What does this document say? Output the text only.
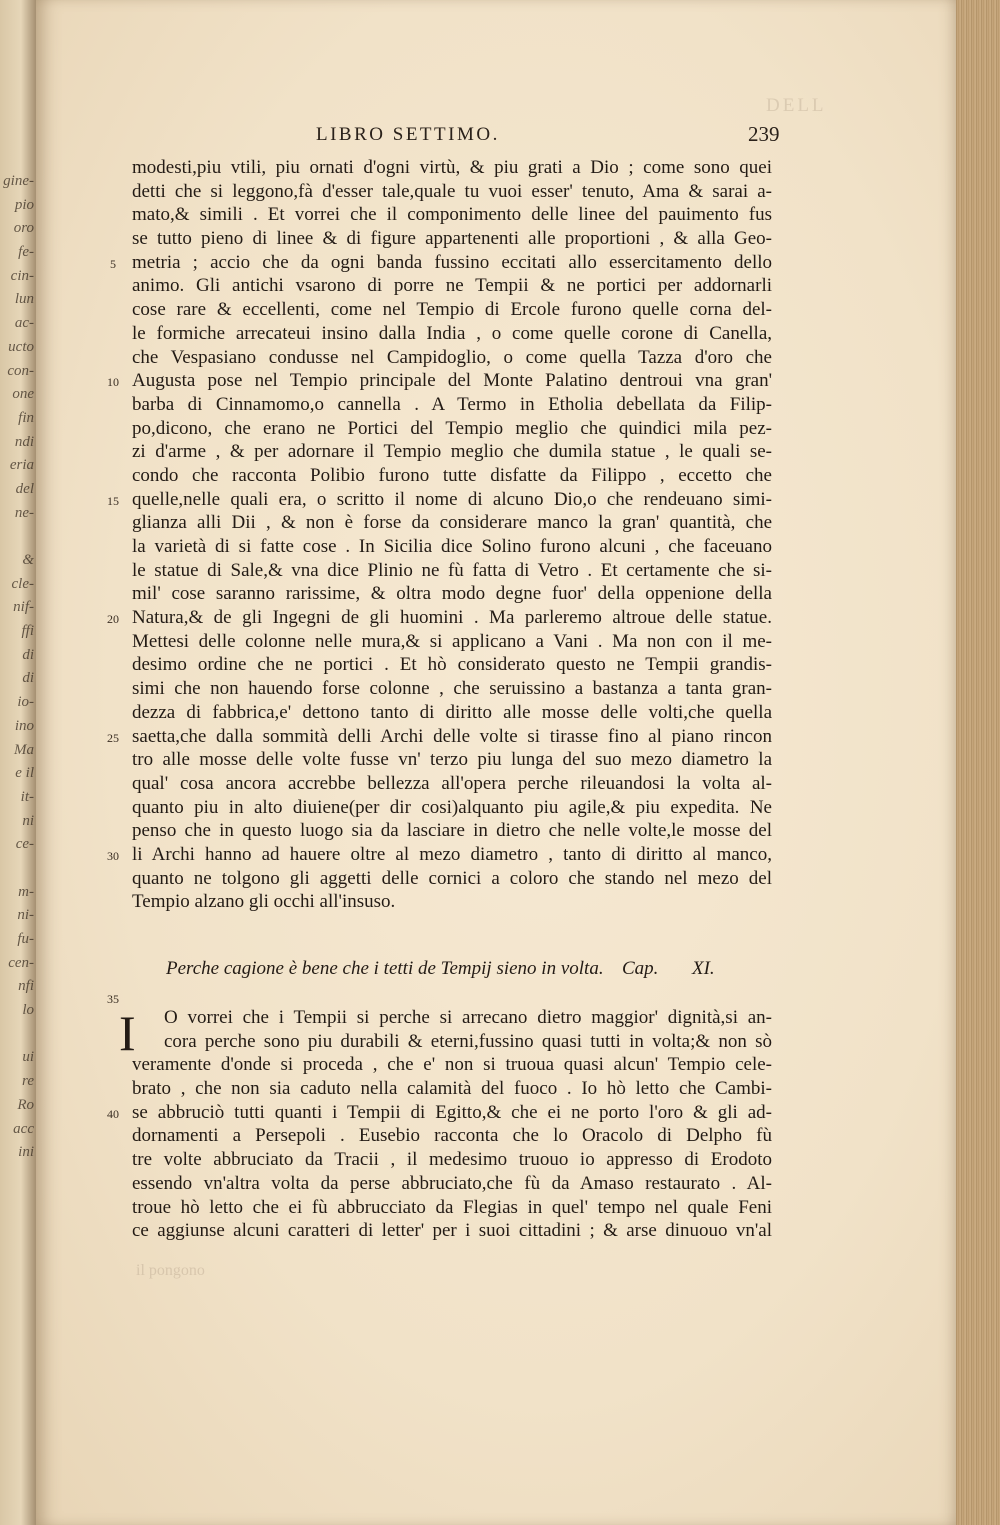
gine-
pio
oro
fe-
cin-
lun
ac-
ucto
con-
one
fin
ndi
eria
del
ne-
&
cle-
nif-
ffi
di
di
io-
ino
Ma
e il
it-
ni
ce-
m-
ni-
fu-
cen-
nfi
lo
ui
re
Ro
acc
ini
DELL
LIBRO SETTIMO.	239
5
10
15
20
25
30
35
40
modesti,piu vtili, piu ornati d'ogni virtù, & piu grati a Dio ; come sono quei
detti che si leggono,fà d'esser tale,quale tu vuoi esser' tenuto, Ama & sarai a-
mato,& simili . Et vorrei che il componimento delle linee del pauimento fus
se tutto pieno di linee & di figure appartenenti alle proportioni , & alla Geo-
metria ; accio che da ogni banda fussino eccitati allo essercitamento dello
animo. Gli antichi vsarono di porre ne Tempii & ne portici per addornarli
cose rare & eccellenti, come nel Tempio di Ercole furono quelle corna del-
le formiche arrecateui insino dalla India , o come quelle corone di Canella,
che Vespasiano condusse nel Campidoglio, o come quella Tazza d'oro che
Augusta pose nel Tempio principale del Monte Palatino dentroui vna gran'
barba di Cinnamomo,o cannella . A Termo in Etholia debellata da Filip-
po,dicono, che erano ne Portici del Tempio meglio che quindici mila pez-
zi d'arme , & per adornare il Tempio meglio che dumila statue , le quali se-
condo che racconta Polibio furono tutte disfatte da Filippo , eccetto che
quelle,nelle quali era, o scritto il nome di alcuno Dio,o che rendeuano simi-
glianza alli Dii , & non è forse da considerare manco la gran' quantità, che
la varietà di si fatte cose . In Sicilia dice Solino furono alcuni , che faceuano
le statue di Sale,& vna dice Plinio ne fù fatta di Vetro . Et certamente che si-
mil' cose saranno rarissime, & oltra modo degne fuor' della oppenione della
Natura,& de gli Ingegni de gli huomini . Ma parleremo altroue delle statue.
Mettesi delle colonne nelle mura,& si applicano a Vani . Ma non con il me-
desimo ordine che ne portici . Et hò considerato questo ne Tempii grandis-
simi che non hauendo forse colonne , che seruissino a bastanza a tanta gran-
dezza di fabbrica,e' dettono tanto di diritto alle mosse delle volti,che quella
saetta,che dalla sommità delli Archi delle volte si tirasse fino al piano rincon
tro alle mosse delle volte fusse vn' terzo piu lunga del suo mezo diametro la
qual' cosa ancora accrebbe bellezza all'opera perche rileuandosi la volta al-
quanto piu in alto diuiene(per dir cosi)alquanto piu agile,& piu expedita. Ne
penso che in questo luogo sia da lasciare in dietro che nelle volte,le mosse del
li Archi hanno ad hauere oltre al mezo diametro , tanto di diritto al manco,
quanto ne tolgono gli aggetti delle cornici a coloro che stando nel mezo del
Tempio alzano gli occhi all'insuso.
Perche cagione è bene che i tetti de Tempij sieno in volta. Cap. XI.
I	O vorrei che i Tempii si perche si arrecano dietro maggior' dignità,si an-
cora perche sono piu durabili & eterni,fussino quasi tutti in volta;& non sò
veramente d'onde si proceda , che e' non si truoua quasi alcun' Tempio cele-
brato , che non sia caduto nella calamità del fuoco . Io hò letto che Cambi-
se abbruciò tutti quanti i Tempii di Egitto,& che ei ne porto l'oro & gli ad-
dornamenti a Persepoli . Eusebio racconta che lo Oracolo di Delpho fù
tre volte abbruciato da Tracii , il medesimo truouo io appresso di Erodoto
essendo vn'altra volta da perse abbruciato,che fù da Amaso restaurato . Al-
troue hò letto che ei fù abbrucciato da Flegias in quel' tempo nel quale Feni
ce aggiunse alcuni caratteri di letter' per i suoi cittadini ; & arse dinuouo vn'al
il pongono
